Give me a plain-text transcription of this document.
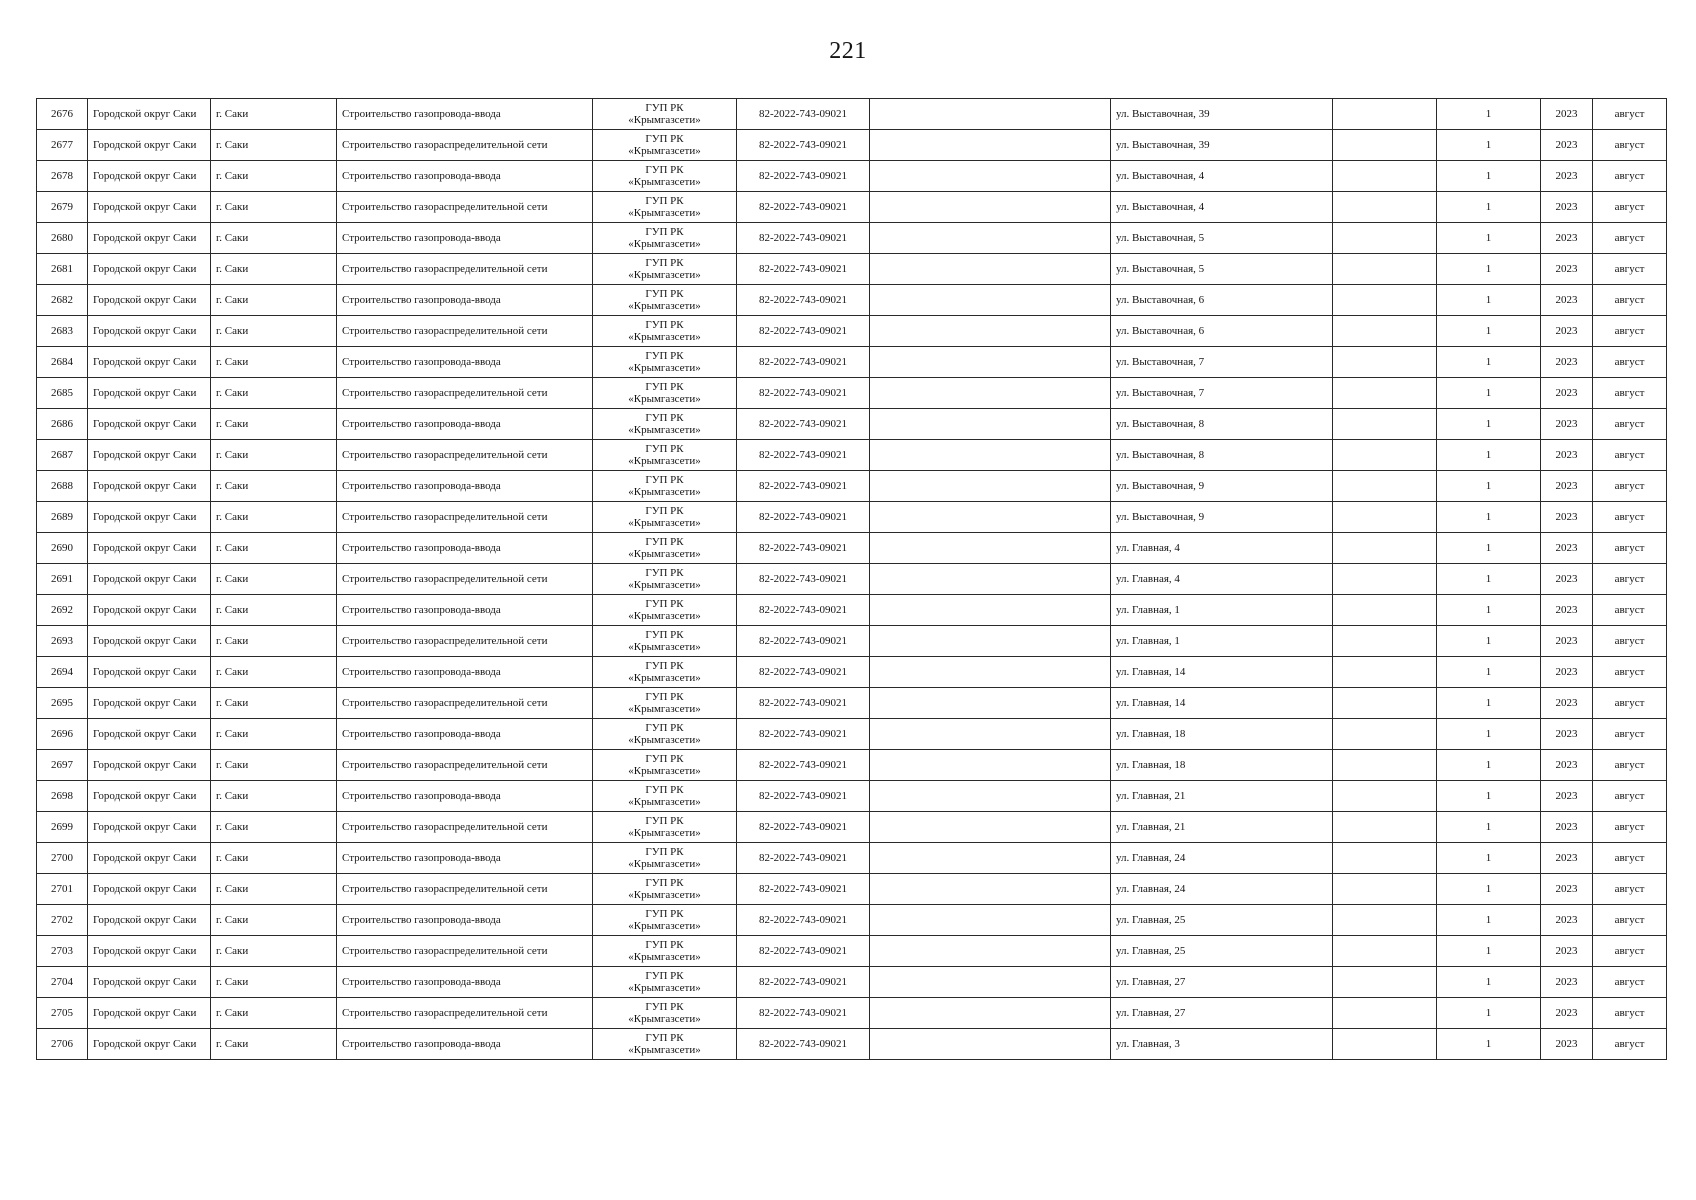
221
2676	Городской округ Саки	г. Саки	Строительство газопровода-ввода	ГУП РК
«Крымгазсети»	82-2022-743-09021		ул. Выставочная, 39		1	2023	август
2677	Городской округ Саки	г. Саки	Строительство газораспределительной сети	ГУП РК
«Крымгазсети»	82-2022-743-09021		ул. Выставочная, 39		1	2023	август
2678	Городской округ Саки	г. Саки	Строительство газопровода-ввода	ГУП РК
«Крымгазсети»	82-2022-743-09021		ул. Выставочная, 4		1	2023	август
2679	Городской округ Саки	г. Саки	Строительство газораспределительной сети	ГУП РК
«Крымгазсети»	82-2022-743-09021		ул. Выставочная, 4		1	2023	август
2680	Городской округ Саки	г. Саки	Строительство газопровода-ввода	ГУП РК
«Крымгазсети»	82-2022-743-09021		ул. Выставочная, 5		1	2023	август
2681	Городской округ Саки	г. Саки	Строительство газораспределительной сети	ГУП РК
«Крымгазсети»	82-2022-743-09021		ул. Выставочная, 5		1	2023	август
2682	Городской округ Саки	г. Саки	Строительство газопровода-ввода	ГУП РК
«Крымгазсети»	82-2022-743-09021		ул. Выставочная, 6		1	2023	август
2683	Городской округ Саки	г. Саки	Строительство газораспределительной сети	ГУП РК
«Крымгазсети»	82-2022-743-09021		ул. Выставочная, 6		1	2023	август
2684	Городской округ Саки	г. Саки	Строительство газопровода-ввода	ГУП РК
«Крымгазсети»	82-2022-743-09021		ул. Выставочная, 7		1	2023	август
2685	Городской округ Саки	г. Саки	Строительство газораспределительной сети	ГУП РК
«Крымгазсети»	82-2022-743-09021		ул. Выставочная, 7		1	2023	август
2686	Городской округ Саки	г. Саки	Строительство газопровода-ввода	ГУП РК
«Крымгазсети»	82-2022-743-09021		ул. Выставочная, 8		1	2023	август
2687	Городской округ Саки	г. Саки	Строительство газораспределительной сети	ГУП РК
«Крымгазсети»	82-2022-743-09021		ул. Выставочная, 8		1	2023	август
2688	Городской округ Саки	г. Саки	Строительство газопровода-ввода	ГУП РК
«Крымгазсети»	82-2022-743-09021		ул. Выставочная, 9		1	2023	август
2689	Городской округ Саки	г. Саки	Строительство газораспределительной сети	ГУП РК
«Крымгазсети»	82-2022-743-09021		ул. Выставочная, 9		1	2023	август
2690	Городской округ Саки	г. Саки	Строительство газопровода-ввода	ГУП РК
«Крымгазсети»	82-2022-743-09021		ул. Главная, 4		1	2023	август
2691	Городской округ Саки	г. Саки	Строительство газораспределительной сети	ГУП РК
«Крымгазсети»	82-2022-743-09021		ул. Главная, 4		1	2023	август
2692	Городской округ Саки	г. Саки	Строительство газопровода-ввода	ГУП РК
«Крымгазсети»	82-2022-743-09021		ул. Главная, 1		1	2023	август
2693	Городской округ Саки	г. Саки	Строительство газораспределительной сети	ГУП РК
«Крымгазсети»	82-2022-743-09021		ул. Главная, 1		1	2023	август
2694	Городской округ Саки	г. Саки	Строительство газопровода-ввода	ГУП РК
«Крымгазсети»	82-2022-743-09021		ул. Главная, 14		1	2023	август
2695	Городской округ Саки	г. Саки	Строительство газораспределительной сети	ГУП РК
«Крымгазсети»	82-2022-743-09021		ул. Главная, 14		1	2023	август
2696	Городской округ Саки	г. Саки	Строительство газопровода-ввода	ГУП РК
«Крымгазсети»	82-2022-743-09021		ул. Главная, 18		1	2023	август
2697	Городской округ Саки	г. Саки	Строительство газораспределительной сети	ГУП РК
«Крымгазсети»	82-2022-743-09021		ул. Главная, 18		1	2023	август
2698	Городской округ Саки	г. Саки	Строительство газопровода-ввода	ГУП РК
«Крымгазсети»	82-2022-743-09021		ул. Главная, 21		1	2023	август
2699	Городской округ Саки	г. Саки	Строительство газораспределительной сети	ГУП РК
«Крымгазсети»	82-2022-743-09021		ул. Главная, 21		1	2023	август
2700	Городской округ Саки	г. Саки	Строительство газопровода-ввода	ГУП РК
«Крымгазсети»	82-2022-743-09021		ул. Главная, 24		1	2023	август
2701	Городской округ Саки	г. Саки	Строительство газораспределительной сети	ГУП РК
«Крымгазсети»	82-2022-743-09021		ул. Главная, 24		1	2023	август
2702	Городской округ Саки	г. Саки	Строительство газопровода-ввода	ГУП РК
«Крымгазсети»	82-2022-743-09021		ул. Главная, 25		1	2023	август
2703	Городской округ Саки	г. Саки	Строительство газораспределительной сети	ГУП РК
«Крымгазсети»	82-2022-743-09021		ул. Главная, 25		1	2023	август
2704	Городской округ Саки	г. Саки	Строительство газопровода-ввода	ГУП РК
«Крымгазсети»	82-2022-743-09021		ул. Главная, 27		1	2023	август
2705	Городской округ Саки	г. Саки	Строительство газораспределительной сети	ГУП РК
«Крымгазсети»	82-2022-743-09021		ул. Главная, 27		1	2023	август
2706	Городской округ Саки	г. Саки	Строительство газопровода-ввода	ГУП РК
«Крымгазсети»	82-2022-743-09021		ул. Главная, 3		1	2023	август
